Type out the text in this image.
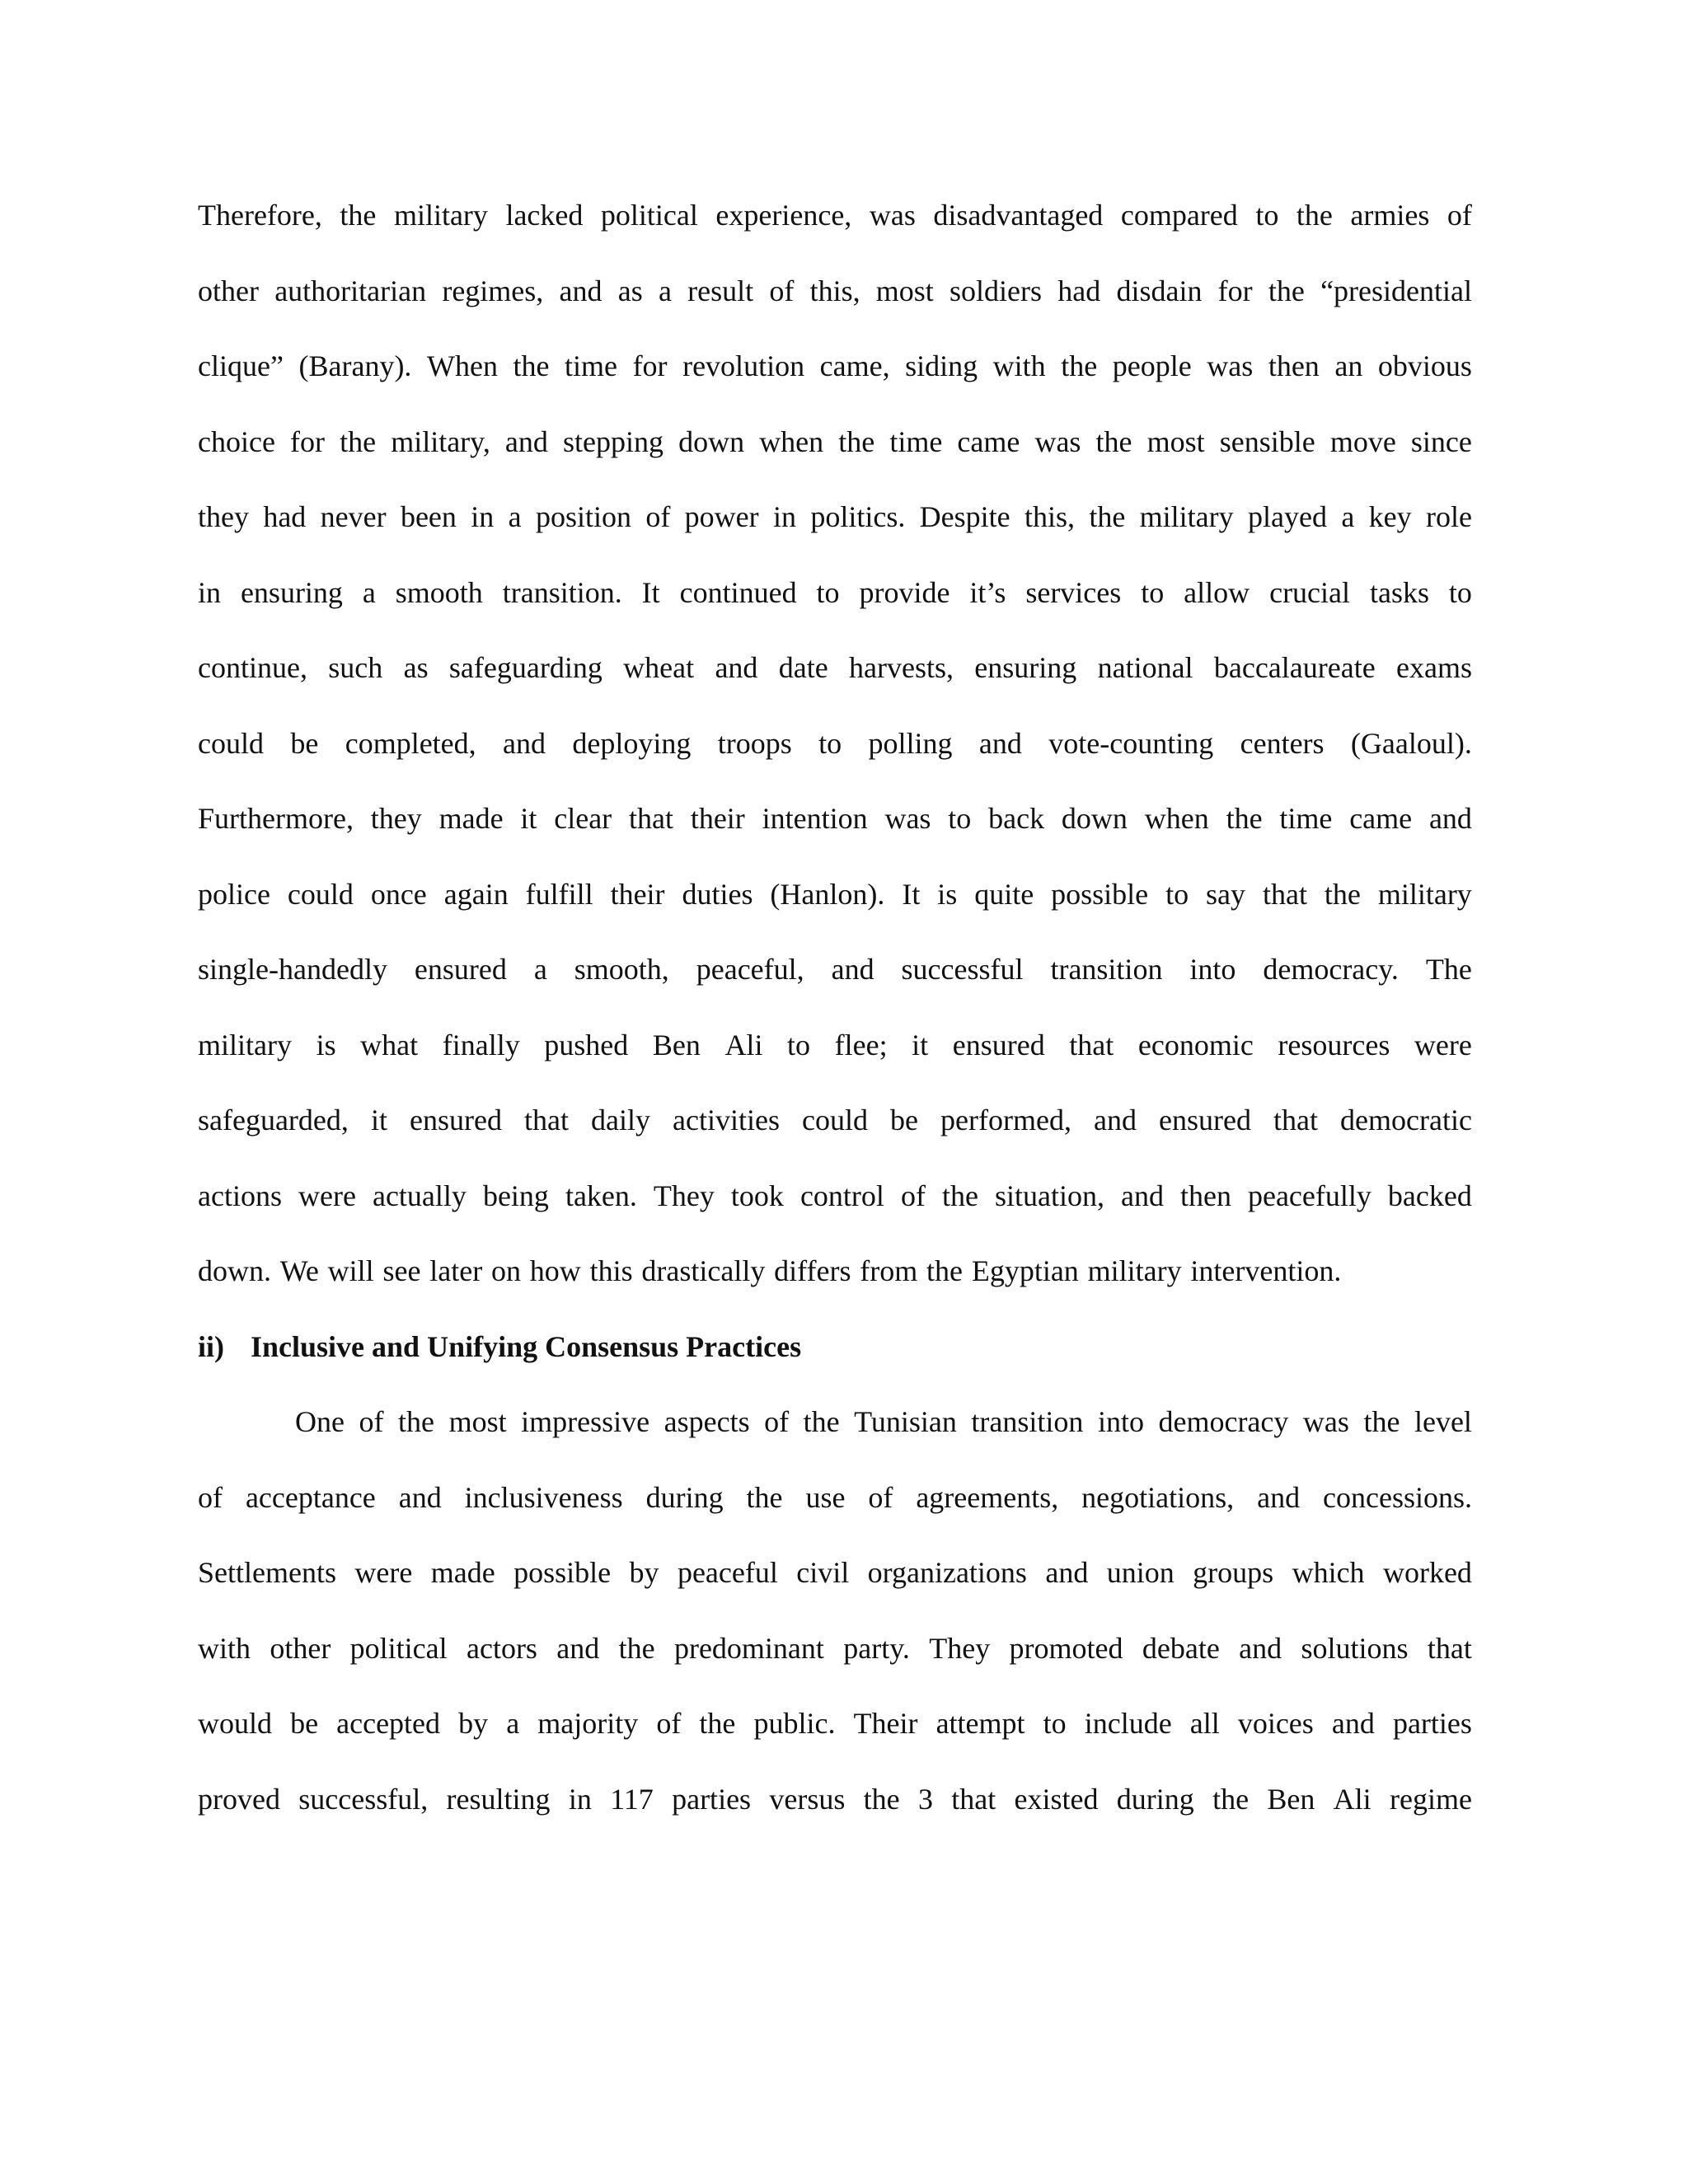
Therefore, the military lacked political experience, was disadvantaged compared to the armies of
other authoritarian regimes, and as a result of this, most soldiers had disdain for the “presidential
clique” (Barany). When the time for revolution came, siding with the people was then an obvious
choice for the military, and stepping down when the time came was the most sensible move since
they had never been in a position of power in politics. Despite this, the military played a key role
in ensuring a smooth transition. It continued to provide it’s services to allow crucial tasks to
continue, such as safeguarding wheat and date harvests, ensuring national baccalaureate exams
could be completed, and deploying troops to polling and vote-counting centers (Gaaloul).
Furthermore, they made it clear that their intention was to back down when the time came and
police could once again fulfill their duties (Hanlon). It is quite possible to say that the military
single-handedly ensured a smooth, peaceful, and successful transition into democracy. The
military is what finally pushed Ben Ali to flee; it ensured that economic resources were
safeguarded, it ensured that daily activities could be performed, and ensured that democratic
actions were actually being taken. They took control of the situation, and then peacefully backed
down. We will see later on how this drastically differs from the Egyptian military intervention.
ii) Inclusive and Unifying Consensus Practices
One of the most impressive aspects of the Tunisian transition into democracy was the level
of acceptance and inclusiveness during the use of agreements, negotiations, and concessions.
Settlements were made possible by peaceful civil organizations and union groups which worked
with other political actors and the predominant party. They promoted debate and solutions that
would be accepted by a majority of the public. Their attempt to include all voices and parties
proved successful, resulting in 117 parties versus the 3 that existed during the Ben Ali regime
